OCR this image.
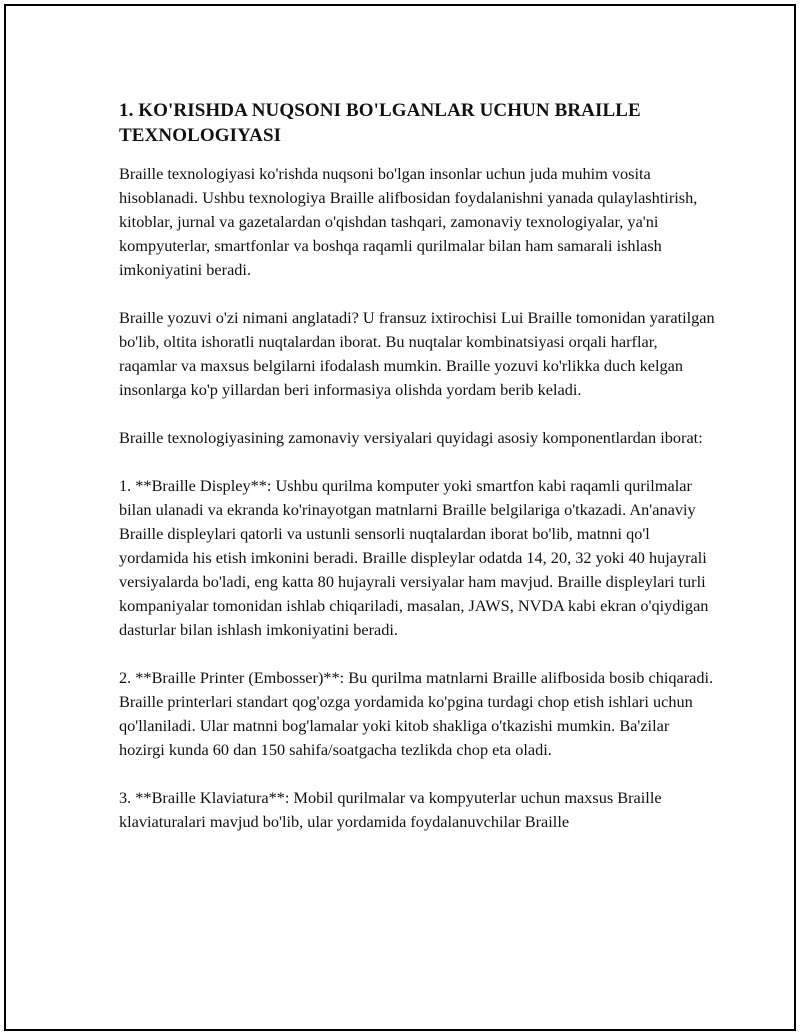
1. KO'RISHDA NUQSONI BO'LGANLAR UCHUN BRAILLE TEXNOLOGIYASI

Braille texnologiyasi ko'rishda nuqsoni bo'lgan insonlar uchun juda muhim vosita hisoblanadi. Ushbu texnologiya Braille alifbosidan foydalanishni yanada qulaylashtirish, kitoblar, jurnal va gazetalardan o'qishdan tashqari, zamonaviy texnologiyalar, ya'ni kompyuterlar, smartfonlar va boshqa raqamli qurilmalar bilan ham samarali ishlash imkoniyatini beradi.

Braille yozuvi o'zi nimani anglatadi? U fransuz ixtirochisi Lui Braille tomonidan yaratilgan bo'lib, oltita ishoratli nuqtalardan iborat. Bu nuqtalar kombinatsiyasi orqali harflar, raqamlar va maxsus belgilarni ifodalash mumkin. Braille yozuvi ko'rlikka duch kelgan insonlarga ko'p yillardan beri informasiya olishda yordam berib keladi.

Braille texnologiyasining zamonaviy versiyalari quyidagi asosiy komponentlardan iborat:

1. **Braille Displey**: Ushbu qurilma komputer yoki smartfon kabi raqamli qurilmalar bilan ulanadi va ekranda ko'rinayotgan matnlarni Braille belgilariga o'tkazadi. An'anaviy Braille displeylari qatorli va ustunli sensorli nuqtalardan iborat bo'lib, matnni qo'l yordamida his etish imkonini beradi. Braille displeylar odatda 14, 20, 32 yoki 40 hujayrali versiyalarda bo'ladi, eng katta 80 hujayrali versiyalar ham mavjud. Braille displeylari turli kompaniyalar tomonidan ishlab chiqariladi, masalan, JAWS, NVDA kabi ekran o'qiydigan dasturlar bilan ishlash imkoniyatini beradi.

2. **Braille Printer (Embosser)**: Bu qurilma matnlarni Braille alifbosida bosib chiqaradi. Braille printerlari standart qog'ozga yordamida ko'pgina turdagi chop etish ishlari uchun qo'llaniladi. Ular matnni bog'lamalar yoki kitob shakliga o'tkazishi mumkin. Ba'zilar hozirgi kunda 60 dan 150 sahifa/soatgacha tezlikda chop eta oladi.

3. **Braille Klaviatura**: Mobil qurilmalar va kompyuterlar uchun maxsus Braille klaviaturalari mavjud bo'lib, ular yordamida foydalanuvchilar Braille
